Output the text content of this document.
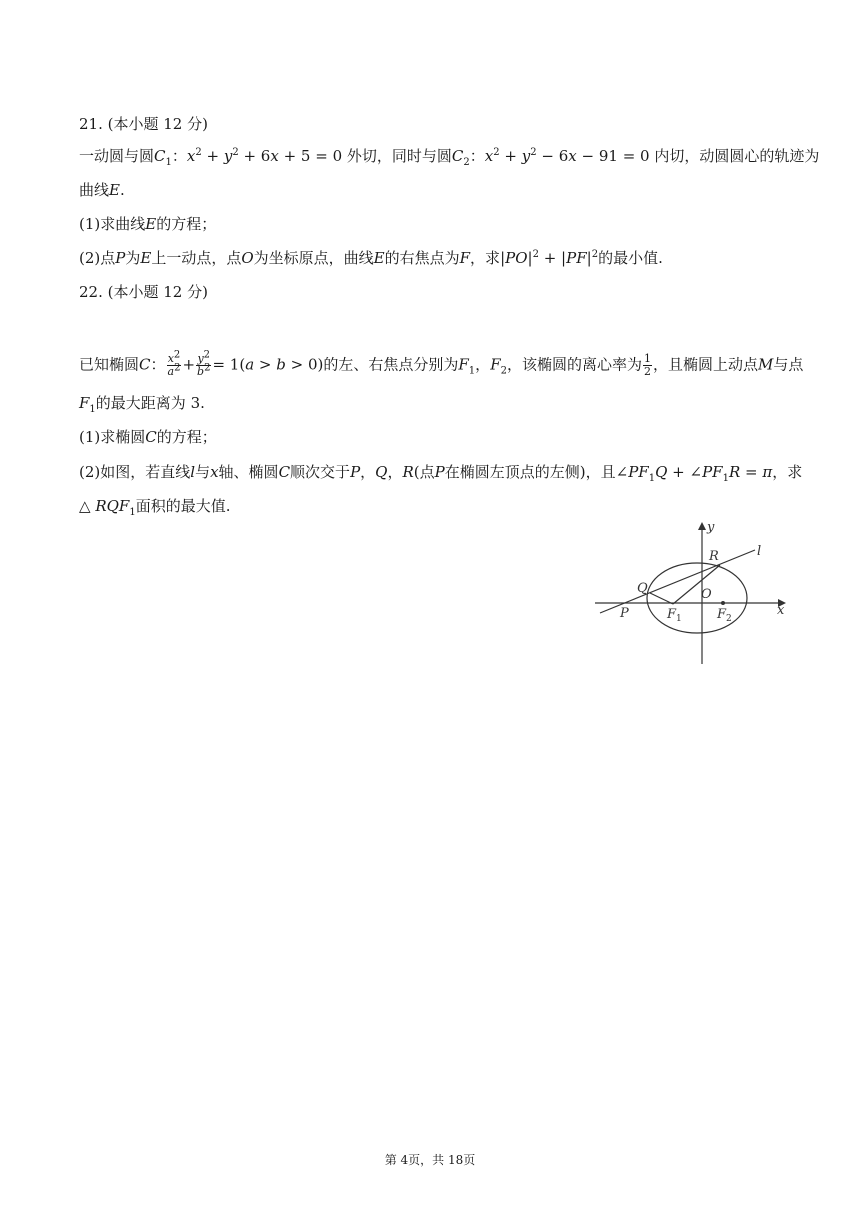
21. (本小题 12 分)
一动圆与圆$C_1$：$x^2 + y^2 + 6x + 5 = 0$ 外切，同时与圆$C_2$：$x^2 + y^2 - 6x - 91 = 0$ 内切，动圆圆心的轨迹为
曲线E.
(1)求曲线E的方程；
(2)点P为E上一动点，点O为坐标原点，曲线E的右焦点为F，求$|PO|^2 + |PF|^2$的最小值.
22. (本小题 12 分)
已知椭圆C： $\frac{x^2}{a^2} + \frac{y^2}{b^2} = 1(a > b > 0)$的左、右焦点分别为$F_1$，$F_2$，该椭圆的离心率为 $\frac{1}{2}$ ，且椭圆上动点M与点
$F_1$的最大距离为 3.
(1)求椭圆C的方程；
(2)如图，若直线l与x轴、椭圆C顺次交于P，Q，R(点P在椭圆左顶点的左侧)，且$\angle PF_1Q$ + $\angle PF_1R = \pi$，求
△ $RQF_1$面积的最大值.
y
x
R	l
Q	O
P	$F_1$	$F_2$
第 4页，共 18页
